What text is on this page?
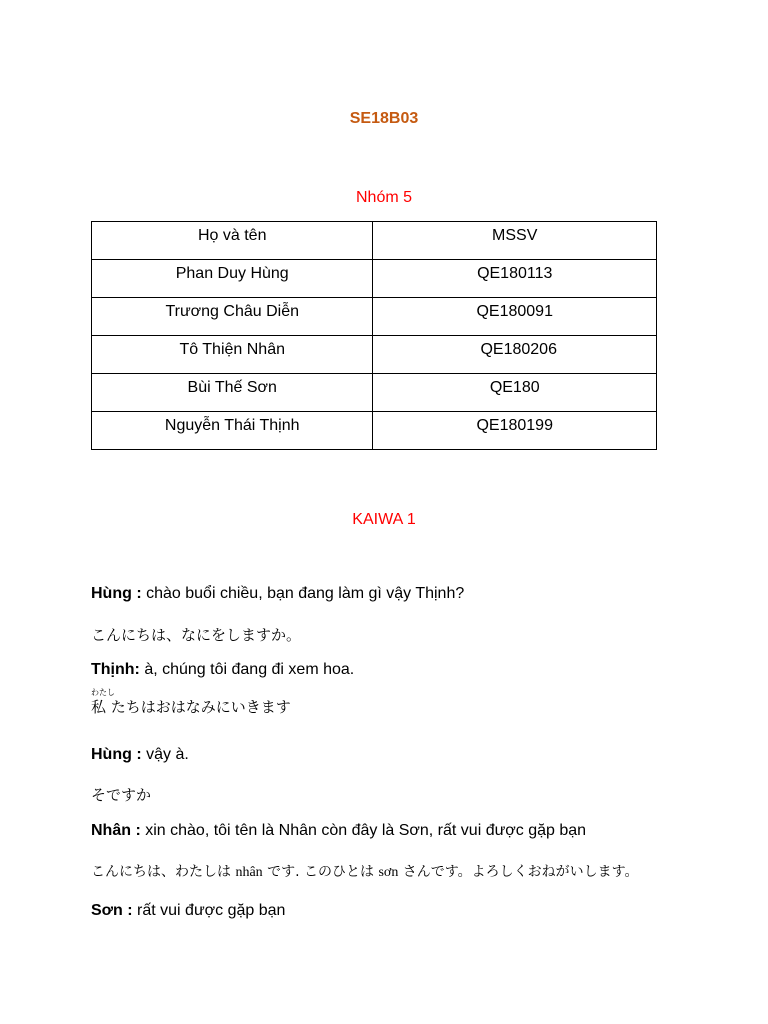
SE18B03
Nhóm 5
Họ và tên	MSSV
Phan Duy Hùng	QE180113
Trương Châu Diễn	QE180091
Tô Thiện Nhân	QE180206
Bùi Thế Sơn	QE180
Nguyễn Thái Thịnh	QE180199
KAIWA 1
Hùng : chào buổi chiều, bạn đang làm gì vậy Thịnh?
こんにちは、なにをしますか。
Thịnh: à, chúng tôi đang đi xem hoa.
わたし
私 たちはおはなみにいきます
Hùng : vậy à.
そですか
Nhân : xin chào, tôi tên là Nhân còn đây là Sơn, rất vui được gặp bạn
こんにちは、わたしは nhân です. このひとは sơn さんです。よろしくおねがいします。
Sơn : rất vui được gặp bạn
